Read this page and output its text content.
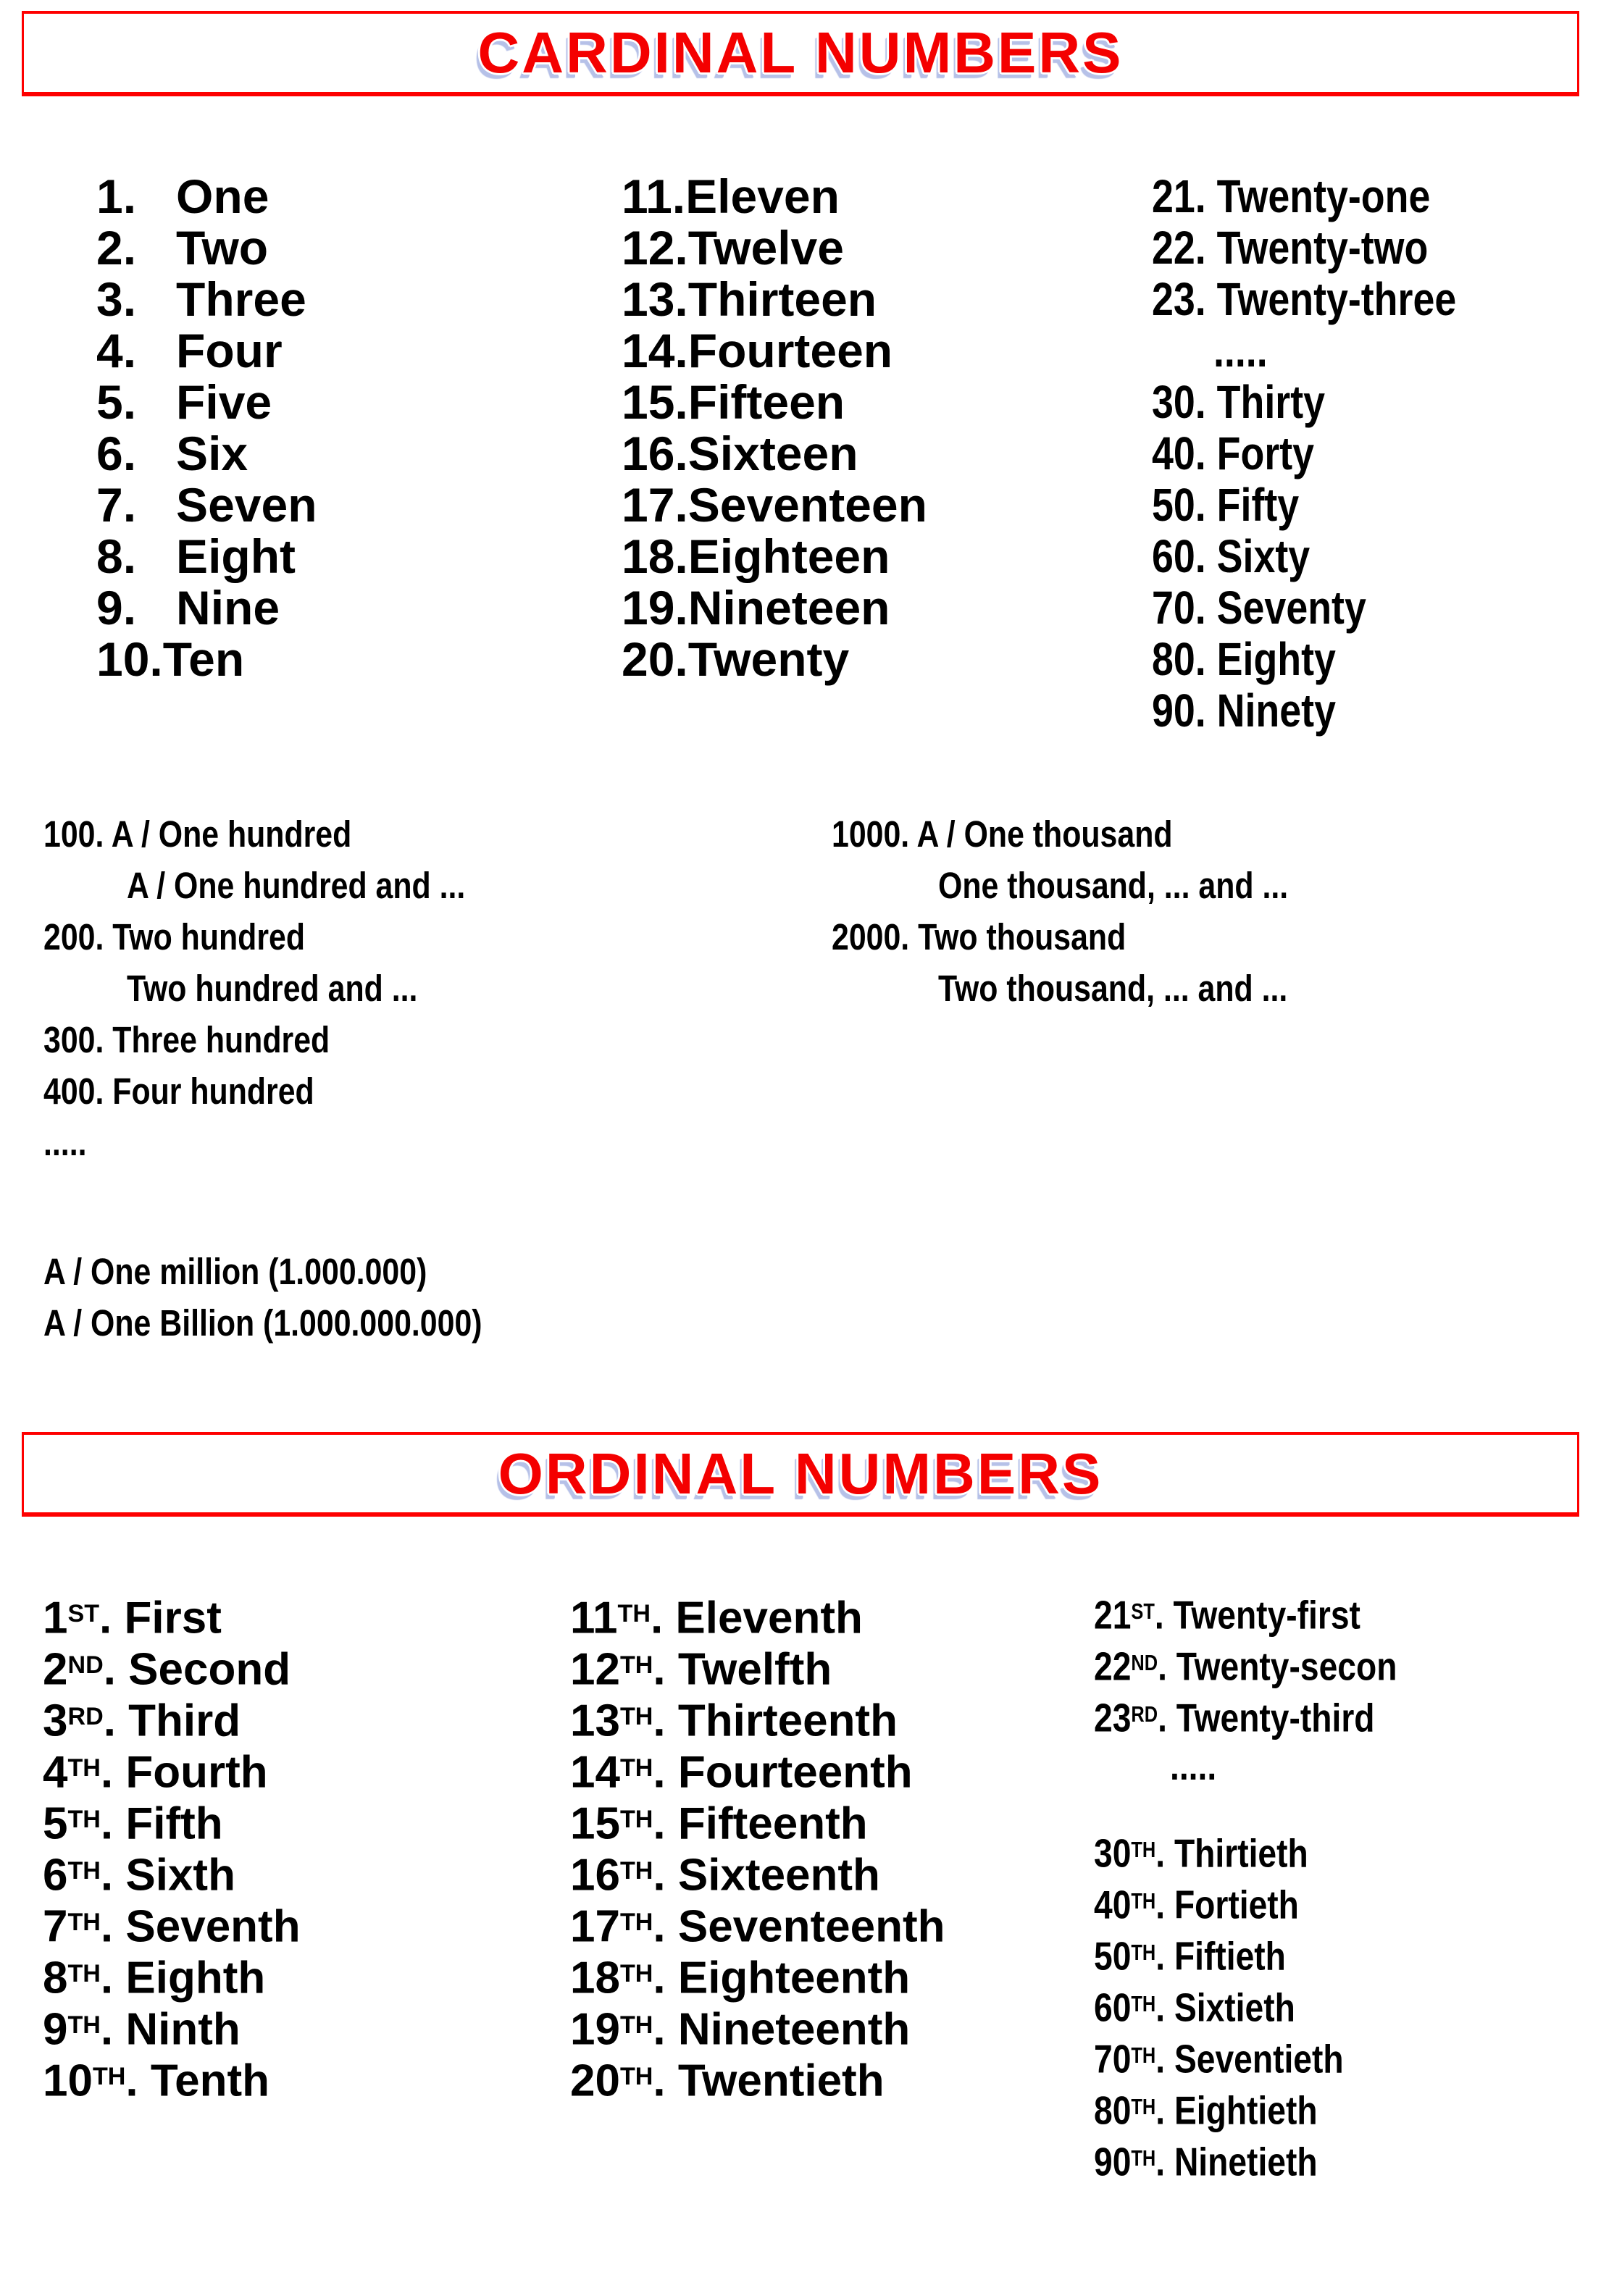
CARDINAL NUMBERS
1.   One
2.   Two
3.   Three
4.   Four
5.   Five
6.   Six
7.   Seven
8.   Eight
9.   Nine
10.Ten
11.Eleven
12.Twelve
13.Thirteen
14.Fourteen
15.Fifteen
16.Sixteen
17.Seventeen
18.Eighteen
19.Nineteen
20.Twenty
21. Twenty-one
22. Twenty-two
23. Twenty-three
.....
30. Thirty
40. Forty
50. Fifty
60. Sixty
70. Seventy
80. Eighty
90. Ninety
100. A / One hundred
A / One hundred and ...
200. Two hundred
Two hundred and ...
300. Three hundred
400. Four hundred
.....
1000. A / One thousand
One thousand, ... and ...
2000. Two thousand
Two thousand, ... and ...
A / One million (1.000.000)
A / One Billion (1.000.000.000)
ORDINAL NUMBERS
1ST. First
2ND. Second
3RD. Third
4TH. Fourth
5TH. Fifth
6TH. Sixth
7TH. Seventh
8TH. Eighth
9TH. Ninth
10TH. Tenth
11TH. Eleventh
12TH. Twelfth
13TH. Thirteenth
14TH. Fourteenth
15TH. Fifteenth
16TH. Sixteenth
17TH. Seventeenth
18TH. Eighteenth
19TH. Nineteenth
20TH. Twentieth
21ST. Twenty-first
22ND. Twenty-secon
23RD. Twenty-third
.....
30TH. Thirtieth
40TH. Fortieth
50TH. Fiftieth
60TH. Sixtieth
70TH. Seventieth
80TH. Eightieth
90TH. Ninetieth
